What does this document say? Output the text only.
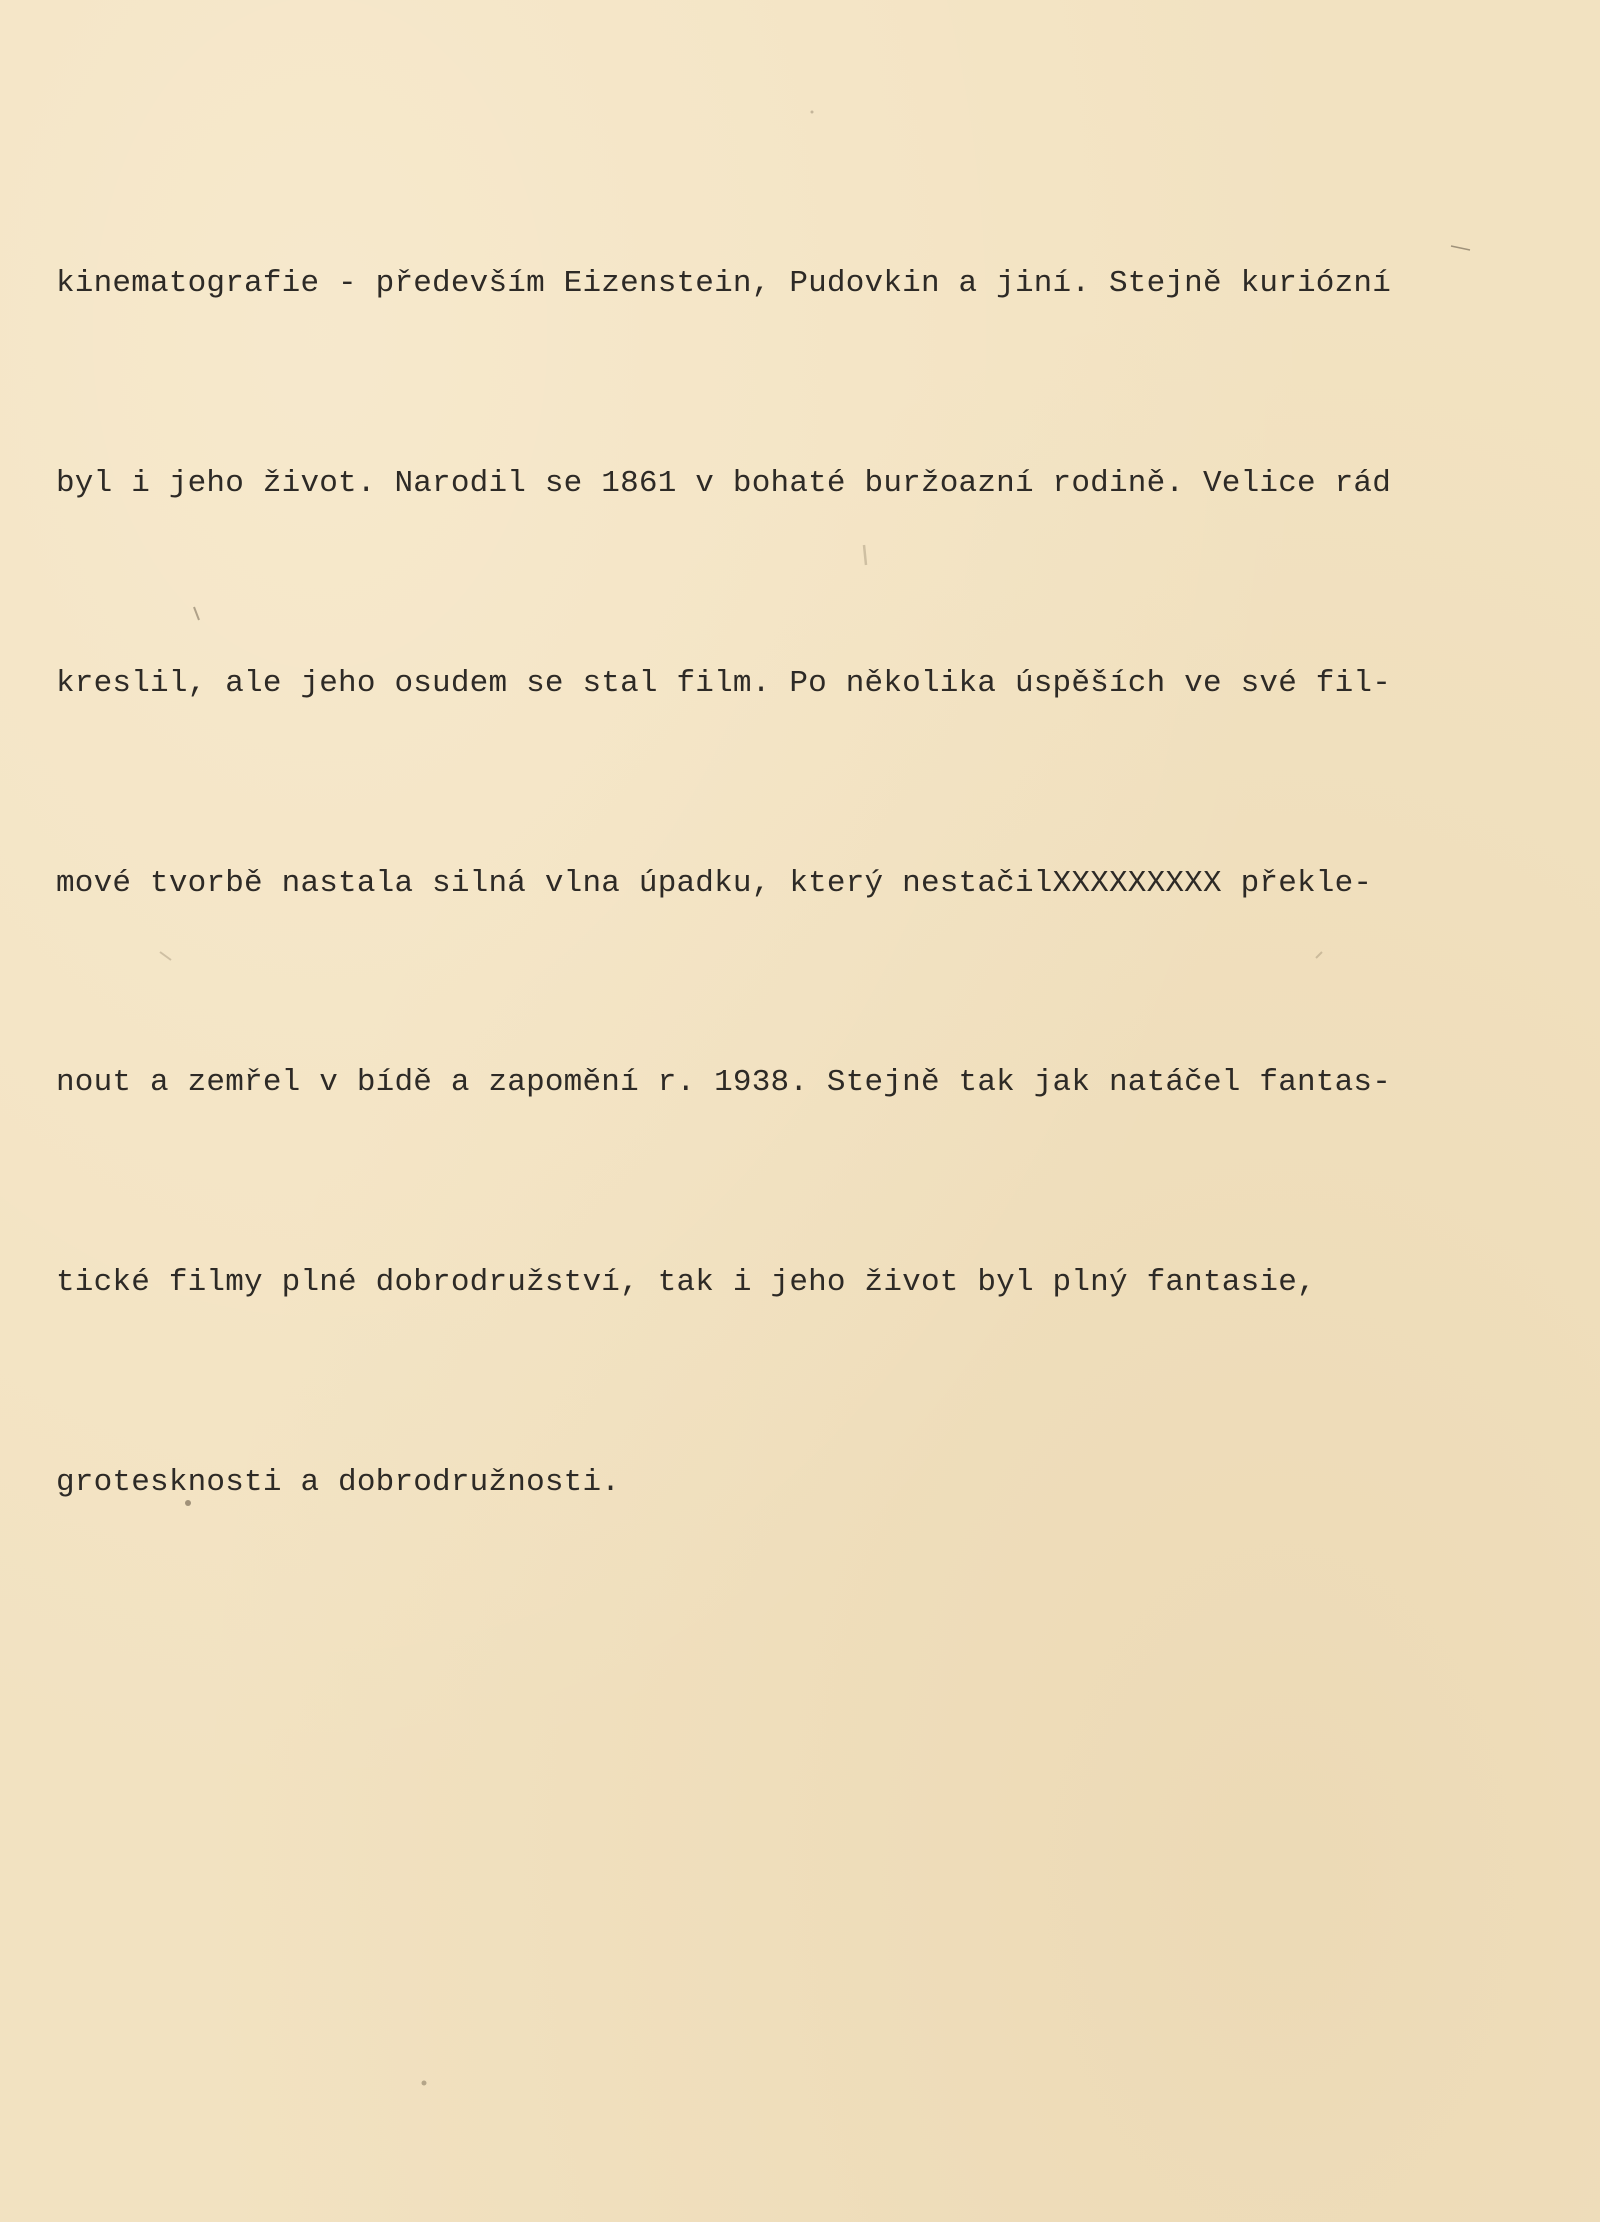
kinematografie - především Eizenstein, Pudovkin a jiní. Stejně kuriózní

byl i jeho život. Narodil se 1861 v bohaté buržoazní rodině. Velice rád

kreslil, ale jeho osudem se stal film. Po několika úspěších ve své fil-

mové tvorbě nastala silná vlna úpadku, který nestačilXXXXXXXXX překle-

nout a zemřel v bídě a zapomění r. 1938. Stejně tak jak natáčel fantas-

tické filmy plné dobrodružství, tak i jeho život byl plný fantasie,

grotesknosti a dobrodružnosti.
